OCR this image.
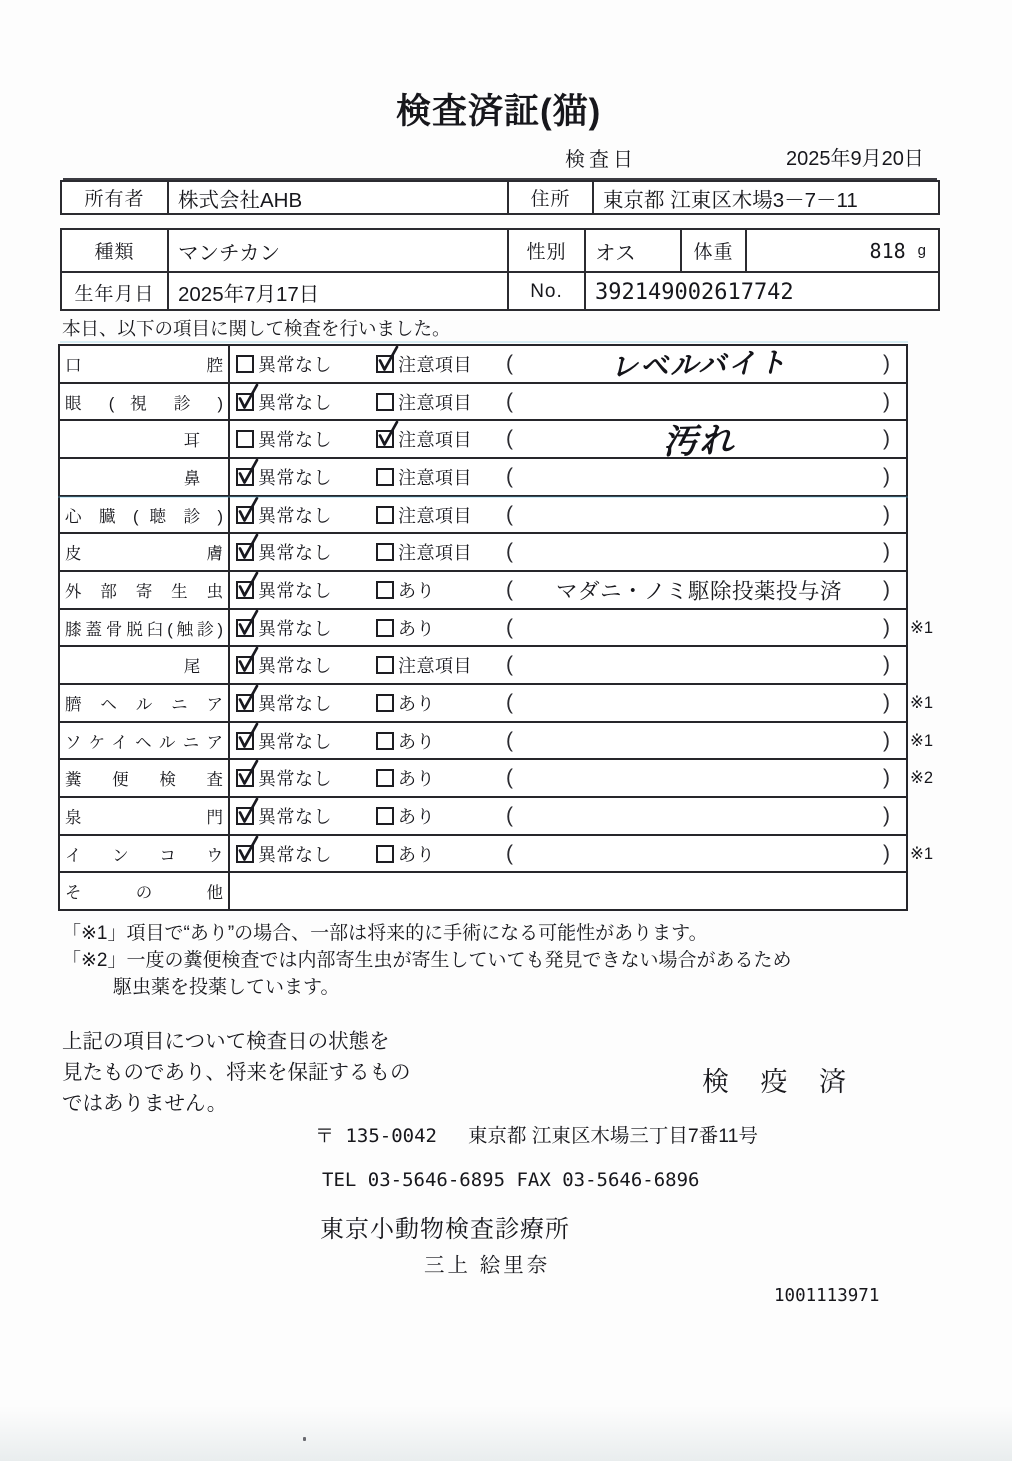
検査済証(猫)
検査日	2025年9月20日
所有者	株式会社AHB	住所	東京都 江東区木場3－7－11
種類	マンチカン	性別	オス	体重	818 g
生年月日	2025年7月17日	No.	392149002617742
本日、以下の項目に関して検査を行いました。
口 腔 異常なし	注意項目 (	レベルバイト	)
眼 ( 視 診 ) 異常なし	注意項目 (	)
耳	異常なし	注意項目 (	汚れ	)
鼻	異常なし	注意項目 (	)
心 臓 ( 聴 診 ) 異常なし	注意項目 (	)
皮 膚 異常なし	注意項目 (	)
外 部 寄 生 虫 異常なし	あり	(	マダニ・ノミ駆除投薬投与済	)
膝蓋骨脱臼(触診) 異常なし	あり	(	)	※1
尾	異常なし	注意項目 (	)
臍 ヘ ル ニ ア 異常なし	あり	(	)	※1
ソケイヘルニア 異常なし	あり	(	)	※1
糞 便 検 査 異常なし	あり	(	)	※2
泉 門 異常なし	あり	(	)
イ ン コ ウ 異常なし	あり	(	)	※1
そ の 他
「※1」項目で“あり”の場合、一部は将来的に手術になる可能性があります。
「※2」一度の糞便検査では内部寄生虫が寄生していても発見できない場合があるため
駆虫薬を投薬しています。
上記の項目について検査日の状態を
見たものであり、将来を保証するもの
ではありません。
検 疫 済
〒 135-0042 東京都 江東区木場三丁目7番11号
TEL 03-5646-6895 FAX 03-5646-6896
東京小動物検査診療所
三上 絵里奈
1001113971
